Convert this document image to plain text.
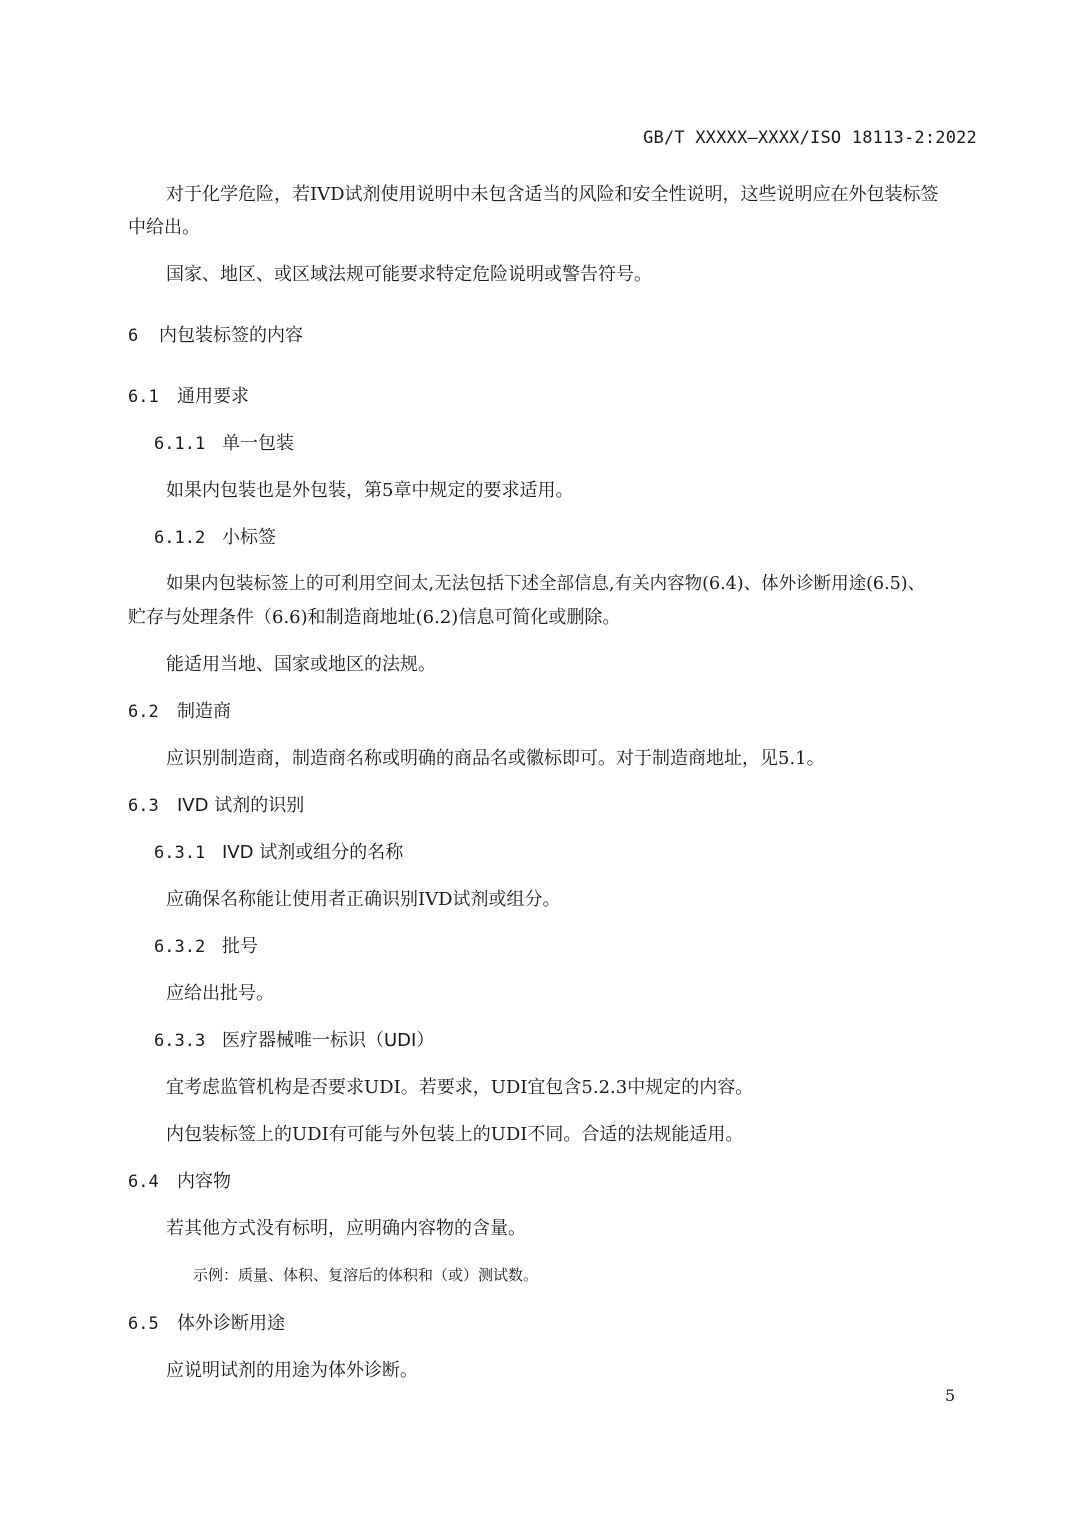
GB/T XXXXX—XXXX/ISO 18113-2:2022
对于化学危险，若IVD试剂使用说明中未包含适当的风险和安全性说明，这些说明应在外包装标签
中给出。
国家、地区、或区域法规可能要求特定危险说明或警告符号。
6 内包装标签的内容
6.1 通用要求
6.1.1 单一包装
如果内包装也是外包装，第5章中规定的要求适用。
6.1.2 小标签
如果内包装标签上的可利用空间太,无法包括下述全部信息,有关内容物(6.4)、体外诊断用途(6.5)、
贮存与处理条件（6.6)和制造商地址(6.2)信息可简化或删除。
能适用当地、国家或地区的法规。
6.2 制造商
应识别制造商，制造商名称或明确的商品名或徽标即可。对于制造商地址，见5.1。
6.3 IVD 试剂的识别
6.3.1 IVD 试剂或组分的名称
应确保名称能让使用者正确识别IVD试剂或组分。
6.3.2 批号
应给出批号。
6.3.3 医疗器械唯一标识（UDI）
宜考虑监管机构是否要求UDI。若要求，UDI宜包含5.2.3中规定的内容。
内包装标签上的UDI有可能与外包装上的UDI不同。合适的法规能适用。
6.4 内容物
若其他方式没有标明，应明确内容物的含量。
示例：质量、体积、复溶后的体积和（或）测试数。
6.5 体外诊断用途
应说明试剂的用途为体外诊断。
5
